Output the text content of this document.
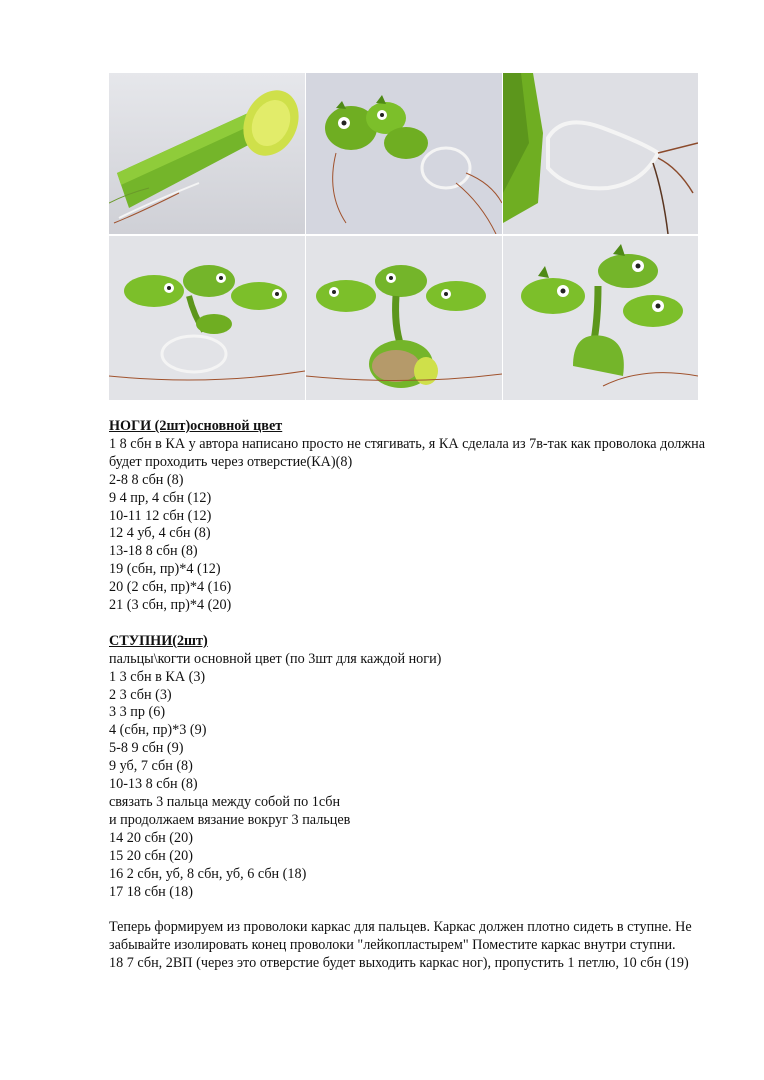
НОГИ (2шт)основной цвет

1 8 сбн в КА у автора написано просто не стягивать, я КА сделала из 7в-так как проволока должна будет проходить через отверстие(КА)(8)

2-8 8 сбн (8)

9 4 пр, 4 сбн (12)

10-11 12 сбн (12)

12 4 уб, 4 сбн (8)

13-18 8 сбн (8)

19 (сбн, пр)*4 (12)

20 (2 сбн, пр)*4 (16)

21 (3 сбн, пр)*4 (20)

СТУПНИ(2шт)

пальцы\когти основной цвет (по 3шт для каждой ноги)

1 3 сбн в КА (3)

2 3 сбн (3)

3 3 пр (6)

4 (сбн, пр)*3 (9)

5-8 9 сбн (9)

9 уб, 7 сбн (8)

10-13 8 сбн (8)

связать 3 пальца между собой по 1сбн

и продолжаем вязание вокруг 3 пальцев

14 20 сбн (20)

15 20 сбн (20)

16 2 сбн, уб, 8 сбн, уб, 6 сбн (18)

17 18 сбн (18)

Теперь формируем из проволоки каркас для пальцев. Каркас должен плотно сидеть в ступне. Не забывайте изолировать конец проволоки "лейкопластырем" Поместите каркас внутри ступни.

18 7 сбн, 2ВП (через это отверстие будет выходить каркас ног), пропустить 1 петлю, 10 сбн (19)
